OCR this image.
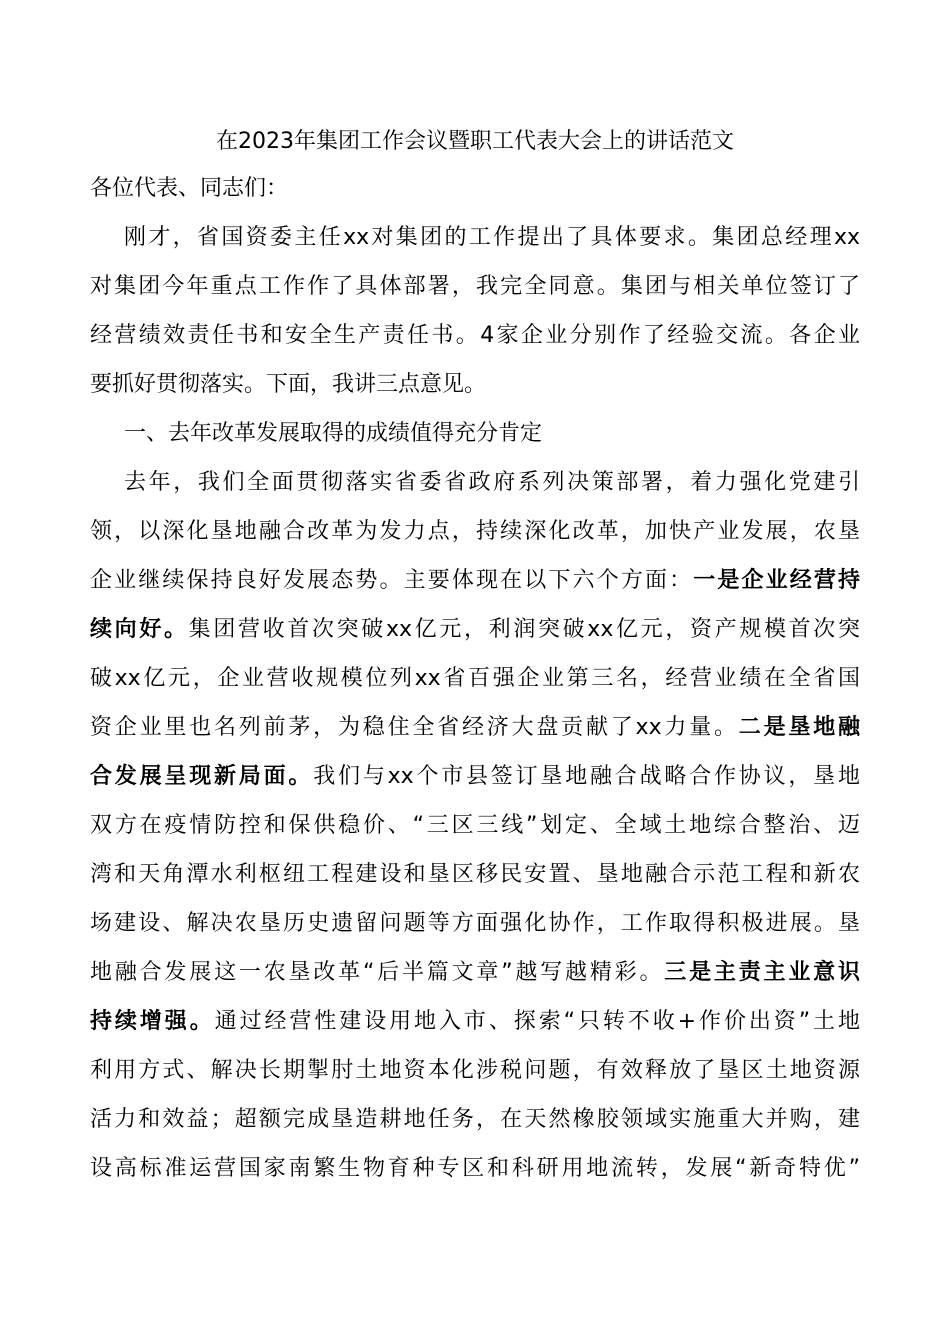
在2023年集团工作会议暨职工代表大会上的讲话范文
各位代表、同志们：
刚才，省国资委主任xx对集团的工作提出了具体要求。集团总经理xx
对集团今年重点工作作了具体部署，我完全同意。集团与相关单位签订了
经营绩效责任书和安全生产责任书。4家企业分别作了经验交流。各企业
要抓好贯彻落实。下面，我讲三点意见。
一、去年改革发展取得的成绩值得充分肯定
去年，我们全面贯彻落实省委省政府系列决策部署，着力强化党建引
领，以深化垦地融合改革为发力点，持续深化改革，加快产业发展，农垦
企业继续保持良好发展态势。主要体现在以下六个方面：一是企业经营持
续向好。集团营收首次突破xx亿元，利润突破xx亿元，资产规模首次突
破xx亿元，企业营收规模位列xx省百强企业第三名，经营业绩在全省国
资企业里也名列前茅，为稳住全省经济大盘贡献了xx力量。二是垦地融
合发展呈现新局面。我们与xx个市县签订垦地融合战略合作协议，垦地
双方在疫情防控和保供稳价、“三区三线”划定、全域土地综合整治、迈
湾和天角潭水利枢纽工程建设和垦区移民安置、垦地融合示范工程和新农
场建设、解决农垦历史遗留问题等方面强化协作，工作取得积极进展。垦
地融合发展这一农垦改革“后半篇文章”越写越精彩。三是主责主业意识
持续增强。通过经营性建设用地入市、探索“只转不收+作价出资”土地
利用方式、解决长期掣肘土地资本化涉税问题，有效释放了垦区土地资源
活力和效益；超额完成垦造耕地任务，在天然橡胶领域实施重大并购，建
设高标准运营国家南繁生物育种专区和科研用地流转，发展“新奇特优”
